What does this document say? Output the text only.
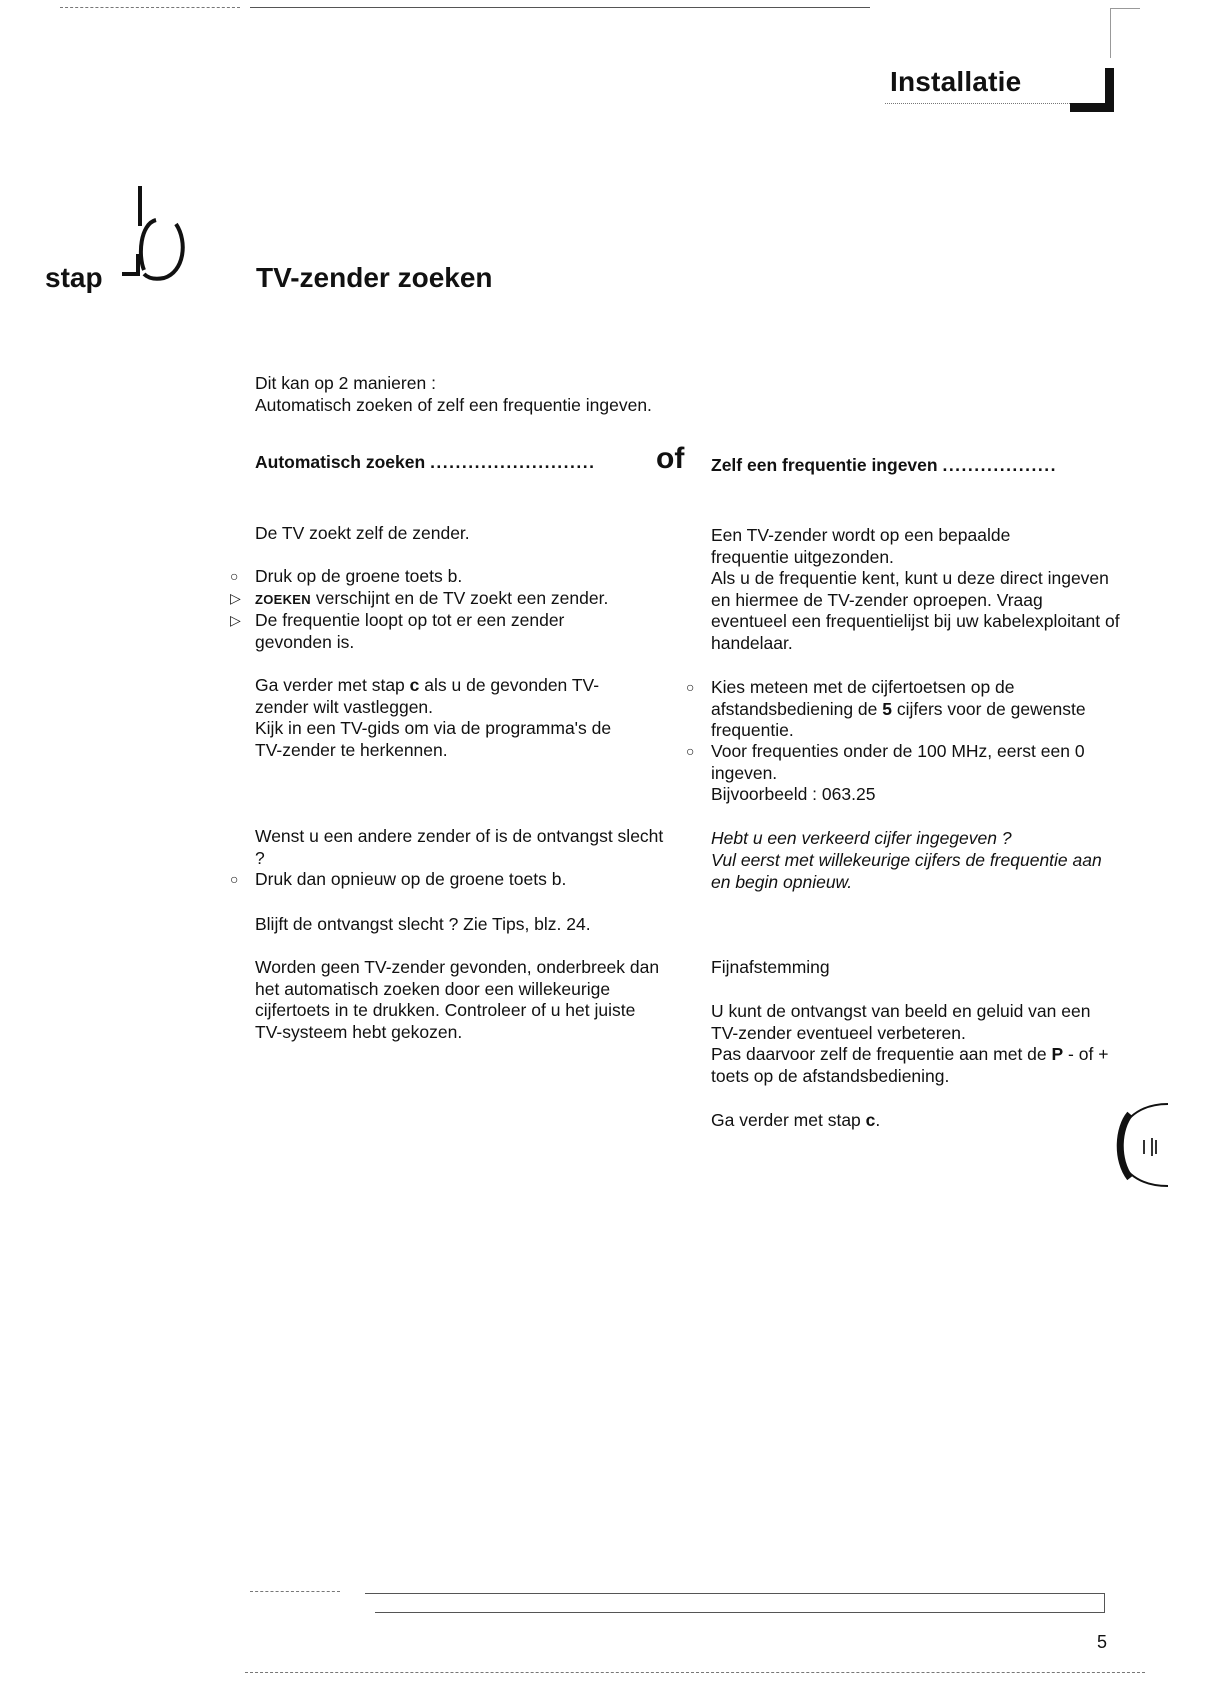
Installatie
stap	TV-zender zoeken
Dit kan op 2 manieren :
Automatisch zoeken of zelf een frequentie ingeven.
Automatisch zoeken ..........................	of Zelf een frequentie ingeven ..................
De TV zoekt zelf de zender.
○ Druk op de groene toets b.
▷ ZOEKEN verschijnt en de TV zoekt een zender.
▷ De frequentie loopt op tot er een zender gevonden is.
Ga verder met stap c als u de gevonden TV-zender wilt vastleggen.
Kijk in een TV-gids om via de programma's de TV-zender te herkennen.
Wenst u een andere zender of is de ontvangst slecht ?
○ Druk dan opnieuw op de groene toets b.
Blijft de ontvangst slecht ? Zie Tips, blz. 24.
Worden geen TV-zender gevonden, onderbreek dan het automatisch zoeken door een willekeurige cijfertoets in te drukken. Controleer of u het juiste TV-systeem hebt gekozen.
Een TV-zender wordt op een bepaalde frequentie uitgezonden.
Als u de frequentie kent, kunt u deze direct ingeven en hiermee de TV-zender oproepen. Vraag eventueel een frequentielijst bij uw kabelexploitant of handelaar.
○ Kies meteen met de cijfertoetsen op de afstandsbediening de 5 cijfers voor de gewenste frequentie.
○ Voor frequenties onder de 100 MHz, eerst een 0 ingeven.
Bijvoorbeeld : 063.25
Hebt u een verkeerd cijfer ingegeven ?
Vul eerst met willekeurige cijfers de frequentie aan en begin opnieuw.
Fijnafstemming
U kunt de ontvangst van beeld en geluid van een TV-zender eventueel verbeteren.
Pas daarvoor zelf de frequentie aan met de P - of + toets op de afstandsbediening.
Ga verder met stap c.
5
